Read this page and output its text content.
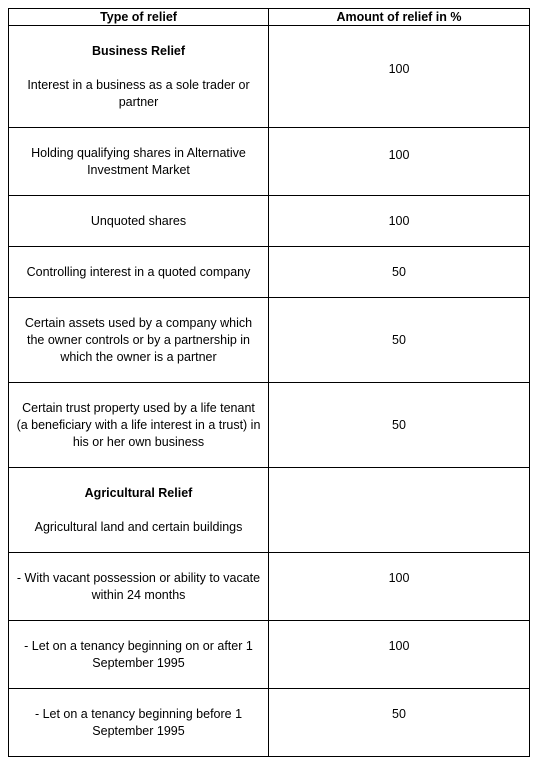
Type of relief	Amount of relief in %

Business Relief
Interest in a business as a sole trader or partner	100

Holding qualifying shares in Alternative Investment Market	100

Unquoted shares	100

Controlling interest in a quoted company	50

Certain assets used by a company which the owner controls or by a partnership in which the owner is a partner	50

Certain trust property used by a life tenant (a beneficiary with a life interest in a trust) in his or her own business	50

Agricultural Relief
Agricultural land and certain buildings	

- With vacant possession or ability to vacate within 24 months	100

- Let on a tenancy beginning on or after 1 September 1995	100

- Let on a tenancy beginning before 1 September 1995	50
